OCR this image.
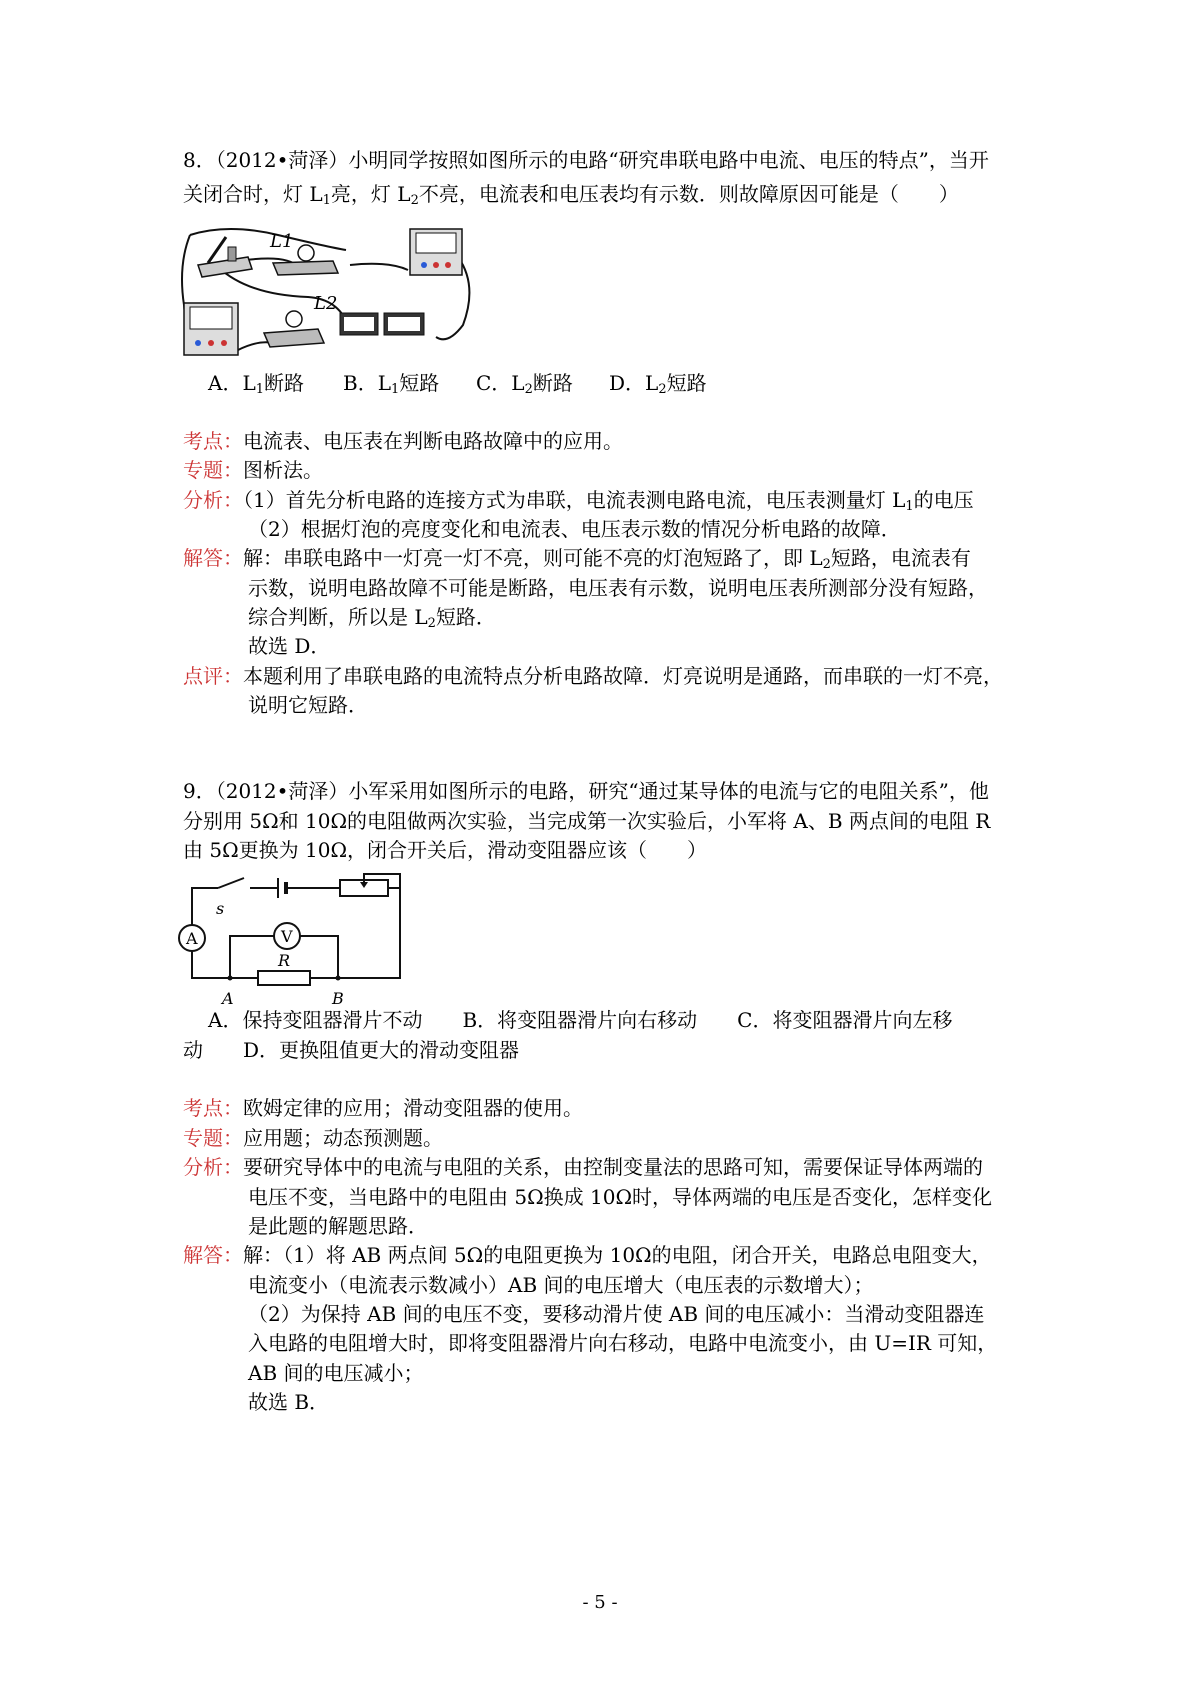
8．（2012•菏泽）小明同学按照如图所示的电路“研究串联电路中电流、电压的特点”，当开
关闭合时，灯 $L_1$亮，灯 $L_2$不亮，电流表和电压表均有示数．则故障原因可能是（　　）
L1
L2
A．$L_1$断路 B．$L_1$短路 C．$L_2$断路 D．$L_2$短路
考点：电流表、电压表在判断电路故障中的应用。
专题：图析法。
分析：（1）首先分析电路的连接方式为串联，电流表测电路电流，电压表测量灯 $L_1$的电压
（2）根据灯泡的亮度变化和电流表、电压表示数的情况分析电路的故障．
解答：解：串联电路中一灯亮一灯不亮，则可能不亮的灯泡短路了，即 $L_2$短路，电流表有
示数，说明电路故障不可能是断路，电压表有示数，说明电压表所测部分没有短路，
综合判断，所以是 $L_2$短路．
故选 D．
点评：本题利用了串联电路的电流特点分析电路故障．灯亮说明是通路，而串联的一灯不亮，
说明它短路．
9．（2012•菏泽）小军采用如图所示的电路，研究“通过某导体的电流与它的电阻关系”，他
分别用 5Ω和 10Ω的电阻做两次实验，当完成第一次实验后，小军将 A、B 两点间的电阻 R
由 5Ω更换为 10Ω，闭合开关后，滑动变阻器应该（　　）
s
A	V
R
A	B
A．保持变阻器滑片不动　　B．将变阻器滑片向右移动　　C．将变阻器滑片向左移
动　　D．更换阻值更大的滑动变阻器
考点：欧姆定律的应用；滑动变阻器的使用。
专题：应用题；动态预测题。
分析：要研究导体中的电流与电阻的关系，由控制变量法的思路可知，需要保证导体两端的
电压不变，当电路中的电阻由 5Ω换成 10Ω时，导体两端的电压是否变化，怎样变化
是此题的解题思路．
解答：解：（1）将 AB 两点间 5Ω的电阻更换为 10Ω的电阻，闭合开关，电路总电阻变大，
电流变小（电流表示数减小）AB 间的电压增大（电压表的示数增大）；
（2）为保持 AB 间的电压不变，要移动滑片使 AB 间的电压减小：当滑动变阻器连
入电路的电阻增大时，即将变阻器滑片向右移动，电路中电流变小，由 U=IR 可知，
AB 间的电压减小；
故选 B．
- 5 -
